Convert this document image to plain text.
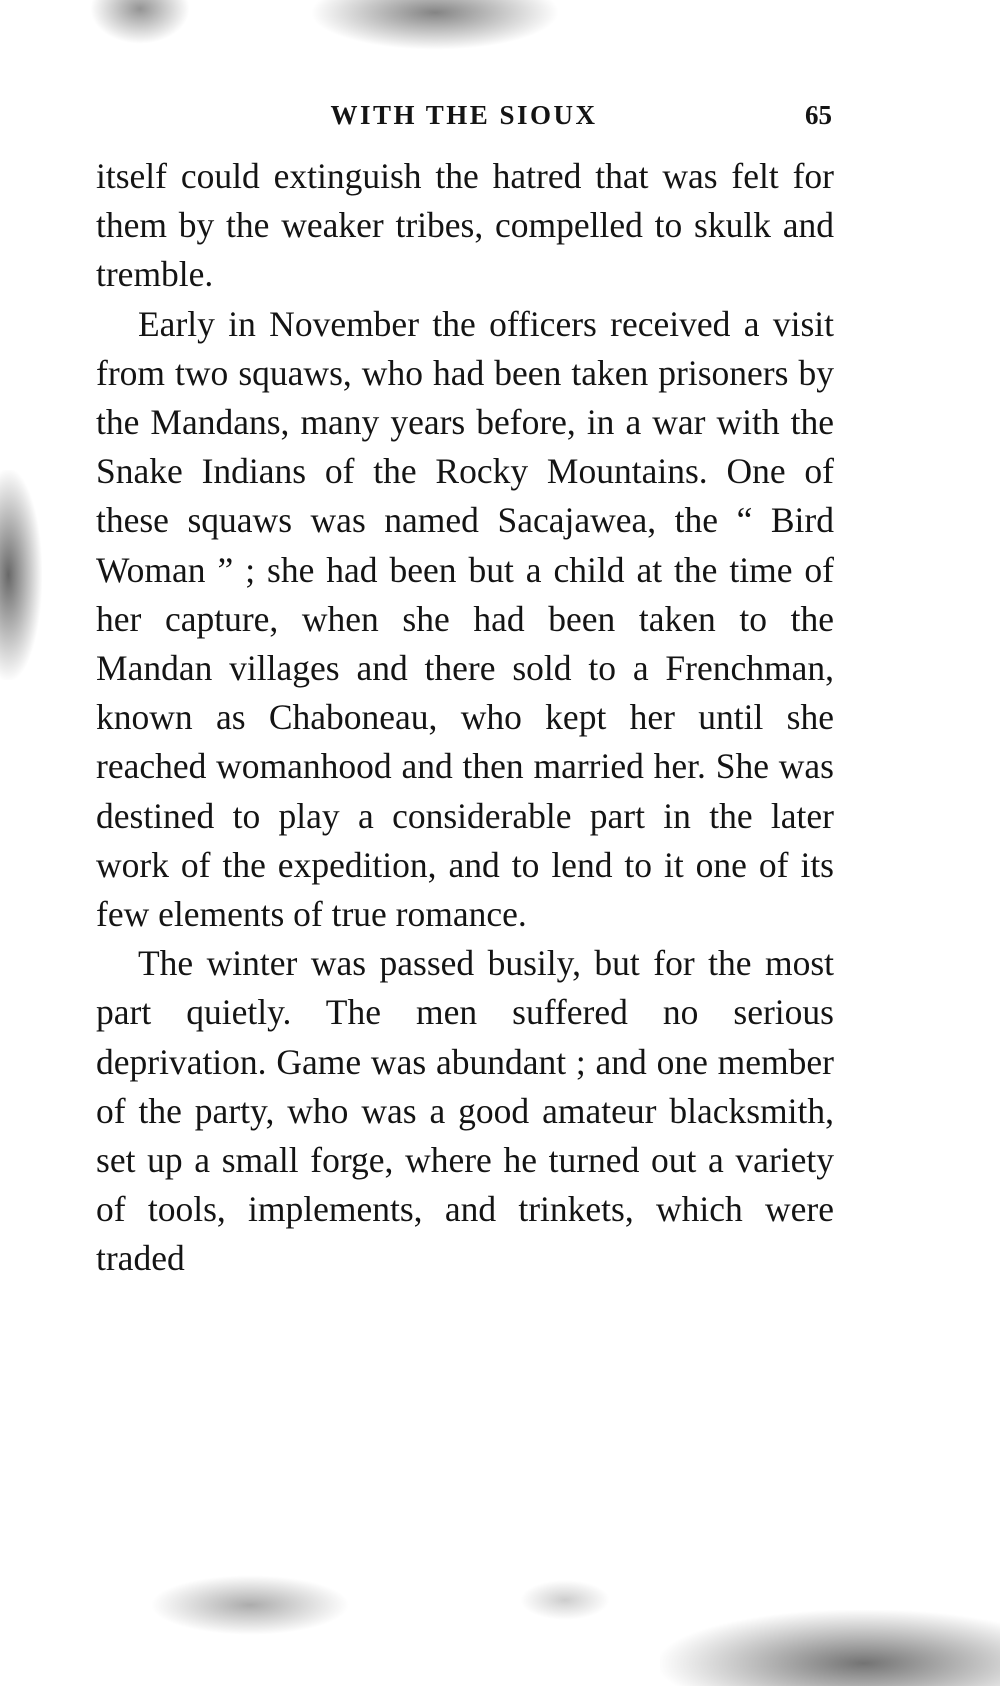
WITH THE SIOUX	65

itself could extinguish the hatred that was felt for them by the weaker tribes, compelled to skulk and tremble.

Early in November the officers received a visit from two squaws, who had been taken prisoners by the Mandans, many years before, in a war with the Snake Indians of the Rocky Mountains. One of these squaws was named Sacajawea, the “ Bird Woman ” ; she had been but a child at the time of her capture, when she had been taken to the Mandan villages and there sold to a Frenchman, known as Chaboneau, who kept her until she reached womanhood and then married her. She was destined to play a considerable part in the later work of the expedition, and to lend to it one of its few elements of true romance.

The winter was passed busily, but for the most part quietly. The men suffered no serious deprivation. Game was abundant ; and one member of the party, who was a good amateur blacksmith, set up a small forge, where he turned out a variety of tools, implements, and trinkets, which were traded
